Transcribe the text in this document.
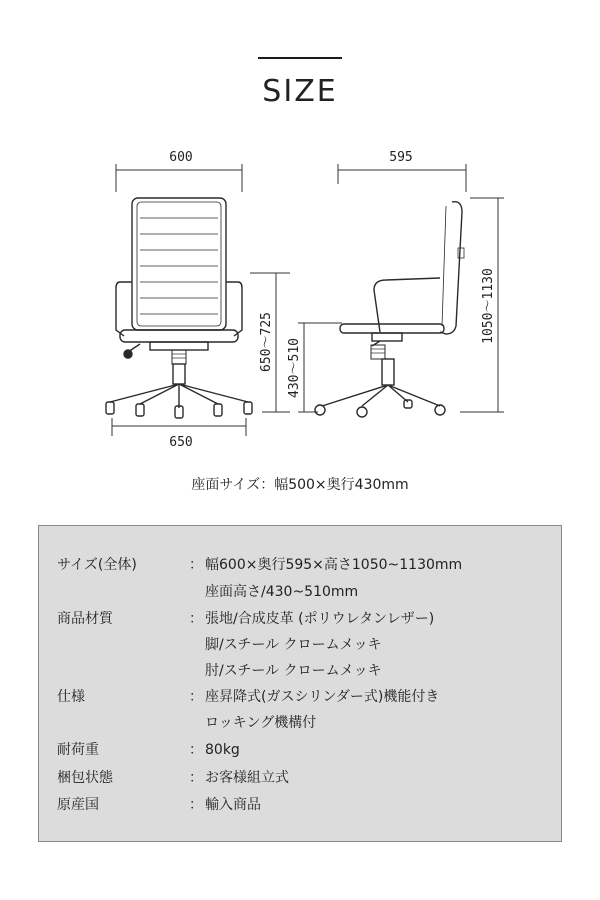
SIZE
600
650
650～725
595
430～510
1050～1130
座面サイズ：幅500×奥行430mm
サイズ(全体)	： 幅600×奥行595×高さ1050~1130mm
座面高さ/430~510mm
商品材質	： 張地/合成皮革 (ポリウレタンレザー)
脚/スチール クロームメッキ
肘/スチール クロームメッキ
仕様	： 座昇降式(ガスシリンダー式)機能付き
ロッキング機構付
耐荷重	： 80kg
梱包状態	： お客様組立式
原産国	： 輸入商品
